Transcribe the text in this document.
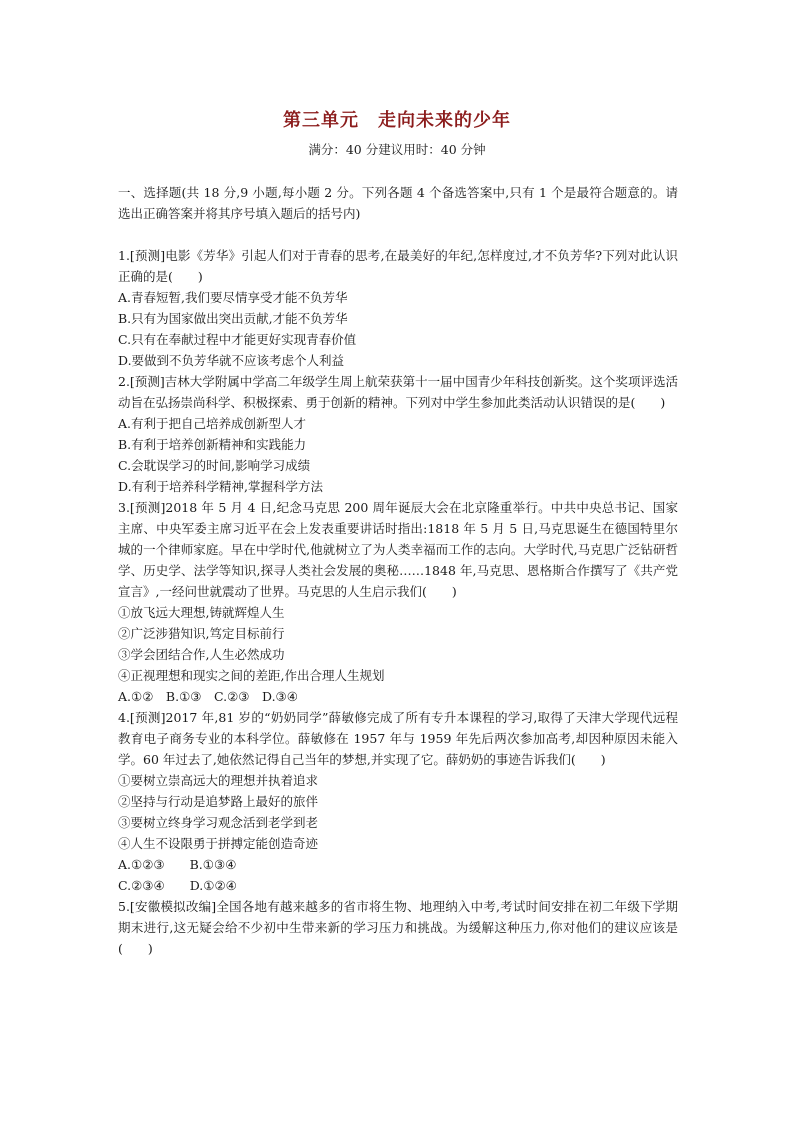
第三单元　走向未来的少年
满分：40 分建议用时：40 分钟

一、选择题(共 18 分,9 小题,每小题 2 分。下列各题 4 个备选答案中,只有 1 个是最符合题意的。请选出正确答案并将其序号填入题后的括号内)

1.[预测]电影《芳华》引起人们对于青春的思考,在最美好的年纪,怎样度过,才不负芳华?下列对此认识正确的是(　　)

A.青春短暂,我们要尽情享受才能不负芳华

B.只有为国家做出突出贡献,才能不负芳华

C.只有在奉献过程中才能更好实现青春价值

D.要做到不负芳华就不应该考虑个人利益

2.[预测]吉林大学附属中学高二年级学生周上航荣获第十一届中国青少年科技创新奖。这个奖项评选活动旨在弘扬崇尚科学、积极探索、勇于创新的精神。下列对中学生参加此类活动认识错误的是(　　)

A.有利于把自己培养成创新型人才

B.有利于培养创新精神和实践能力

C.会耽误学习的时间,影响学习成绩

D.有利于培养科学精神,掌握科学方法

3.[预测]2018 年 5 月 4 日,纪念马克思 200 周年诞辰大会在北京隆重举行。中共中央总书记、国家主席、中央军委主席习近平在会上发表重要讲话时指出:1818 年 5 月 5 日,马克思诞生在德国特里尔城的一个律师家庭。早在中学时代,他就树立了为人类幸福而工作的志向。大学时代,马克思广泛钻研哲学、历史学、法学等知识,探寻人类社会发展的奥秘……1848 年,马克思、恩格斯合作撰写了《共产党宣言》,一经问世就震动了世界。马克思的人生启示我们(　　)

①放飞远大理想,铸就辉煌人生

②广泛涉猎知识,笃定目标前行

③学会团结合作,人生必然成功

④正视理想和现实之间的差距,作出合理人生规划

A.①②　B.①③　C.②③　D.③④

4.[预测]2017 年,81 岁的“奶奶同学”薛敏修完成了所有专升本课程的学习,取得了天津大学现代远程教育电子商务专业的本科学位。薛敏修在 1957 年与 1959 年先后两次参加高考,却因种原因未能入学。60 年过去了,她依然记得自己当年的梦想,并实现了它。薛奶奶的事迹告诉我们(　　)

①要树立崇高远大的理想并执着追求

②坚持与行动是追梦路上最好的旅伴

③要树立终身学习观念活到老学到老

④人生不设限勇于拼搏定能创造奇迹

A.①②③　　B.①③④

C.②③④　　D.①②④

5.[安徽模拟改编]全国各地有越来越多的省市将生物、地理纳入中考,考试时间安排在初二年级下学期期末进行,这无疑会给不少初中生带来新的学习压力和挑战。为缓解这种压力,你对他们的建议应该是(　　)
